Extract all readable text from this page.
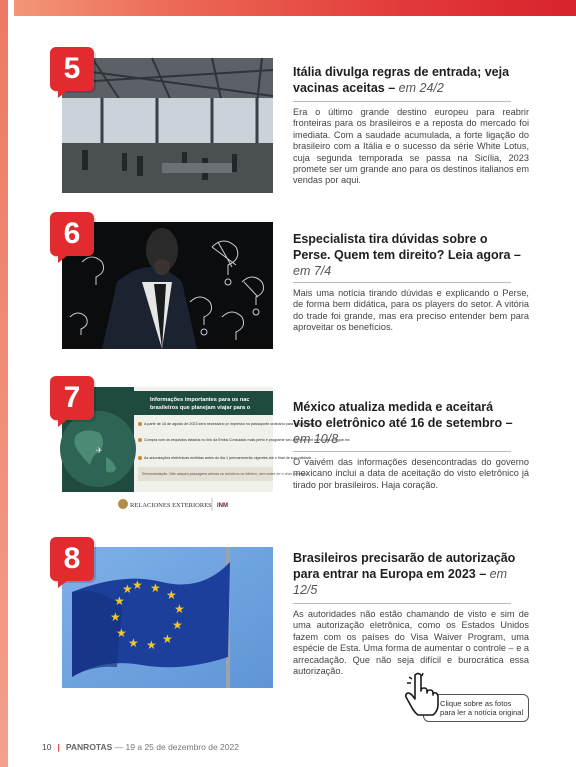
5	Itália divulga regras de entrada; veja vacinas aceitas – em 24/2

Era o último grande destino europeu para reabrir fronteiras para os brasileiros e a reposta do mercado foi imediata. Com a saudade acumulada, a forte ligação do brasileiro com a Itália e o sucesso da série White Lotus, cuja segunda temporada se passa na Sicília, 2023 promete ser um grande ano para os destinos italianos em vendas por aqui.

6	Especialista tira dúvidas sobre o Perse. Quem tem direito? Leia agora – em 7/4

Mais uma notícia tirando dúvidas e explicando o Perse, de forma bem didática, para os players do setor. A vitória do trade foi grande, mas era preciso entender bem para aproveitar os benefícios.

Informações importantes para os nac
brasileiros que planejam viajar para o
✈
A partir de 18 de agosto de 2023 será necessário pr impresso no passaporte ordinário para viagem para
Cumpra com os requisitos listados no link da Emba Consulado mais perto e programe seu agendament www.citas.sre.gob.mx
As autorizações eletrônicas emitidas antes do dia 1 permanecerão vigentes até o final de sua validade
Recomendação: Não adquira passagens aéreas ou turísticos no México, sem antes ter o visto correspo
RELACIONES EXTERIORES INM
7	México atualiza medida e aceitará visto eletrônico até 16 de setembro – em 10/8

O vaivém das informações desencontradas do governo mexicano inclui a data de aceitação do visto eletrônico já tirado por brasileiros. Haja coração.

★ ★ ★
★
★
★
★
★
★
★
★
★
8	Brasileiros precisarão de autorização para entrar na Europa em 2023 – em 12/5

As autoridades não estão chamando de visto e sim de uma autorização eletrônica, como os Estados Unidos fazem com os países do Visa Waiver Program, uma espécie de Esta. Uma forma de aumentar o controle – e a arrecadação. Que não seja difícil e burocrática essa autorização.

Clique sobre as fotos
para ler a notícia original
10 | PANROTAS — 19 a 25 de dezembro de 2022
